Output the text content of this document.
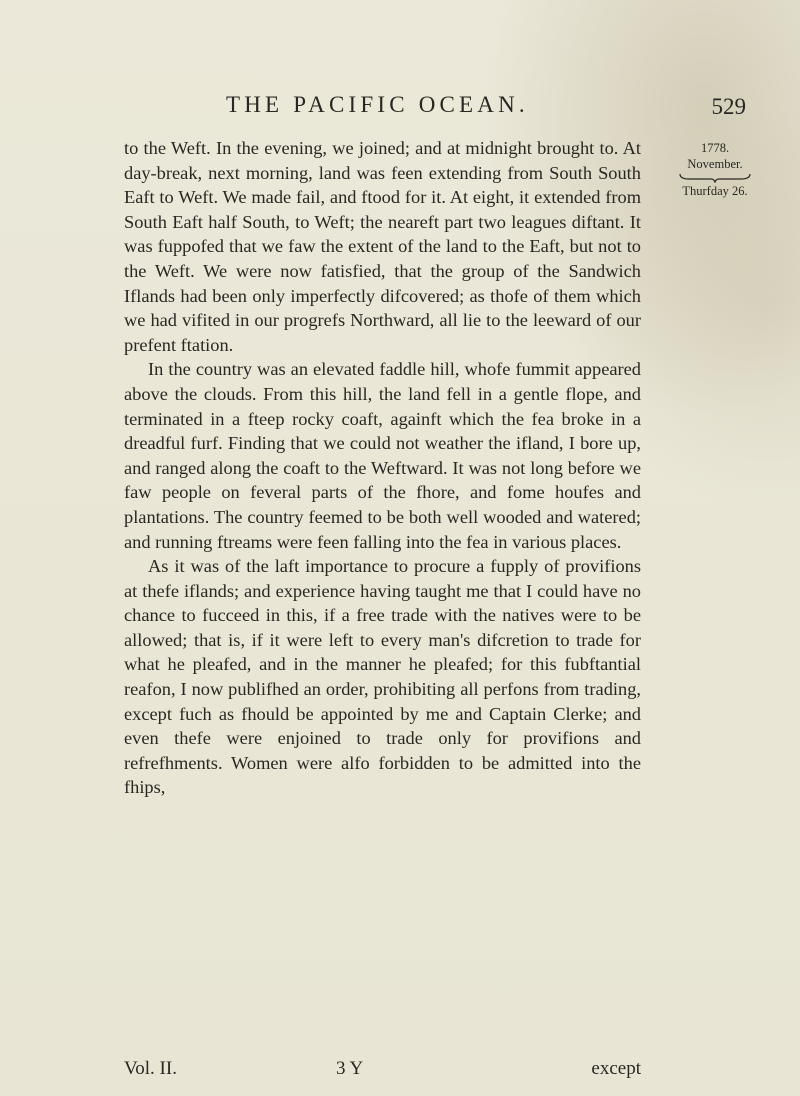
THE PACIFIC OCEAN.	529
1778.
November.
Thurfday 26.

to the Weft. In the evening, we joined; and at midnight brought to. At day-break, next morning, land was feen extending from South South Eaft to Weft. We made fail, and ftood for it. At eight, it extended from South Eaft half South, to Weft; the neareft part two leagues diftant. It was fuppofed that we faw the extent of the land to the Eaft, but not to the Weft. We were now fatisfied, that the group of the Sandwich Iflands had been only imperfectly difcovered; as thofe of them which we had vifited in our progrefs Northward, all lie to the leeward of our prefent ftation.

In the country was an elevated faddle hill, whofe fummit appeared above the clouds. From this hill, the land fell in a gentle flope, and terminated in a fteep rocky coaft, againft which the fea broke in a dreadful furf. Finding that we could not weather the ifland, I bore up, and ranged along the coaft to the Weftward. It was not long before we faw people on feveral parts of the fhore, and fome houfes and plantations. The country feemed to be both well wooded and watered; and running ftreams were feen falling into the fea in various places.

As it was of the laft importance to procure a fupply of provifions at thefe iflands; and experience having taught me that I could have no chance to fucceed in this, if a free trade with the natives were to be allowed; that is, if it were left to every man's difcretion to trade for what he pleafed, and in the manner he pleafed; for this fubftantial reafon, I now publifhed an order, prohibiting all perfons from trading, except fuch as fhould be appointed by me and Captain Clerke; and even thefe were enjoined to trade only for provifions and refrefhments. Women were alfo forbidden to be admitted into the fhips,

Vol. II.	3 Y	except
